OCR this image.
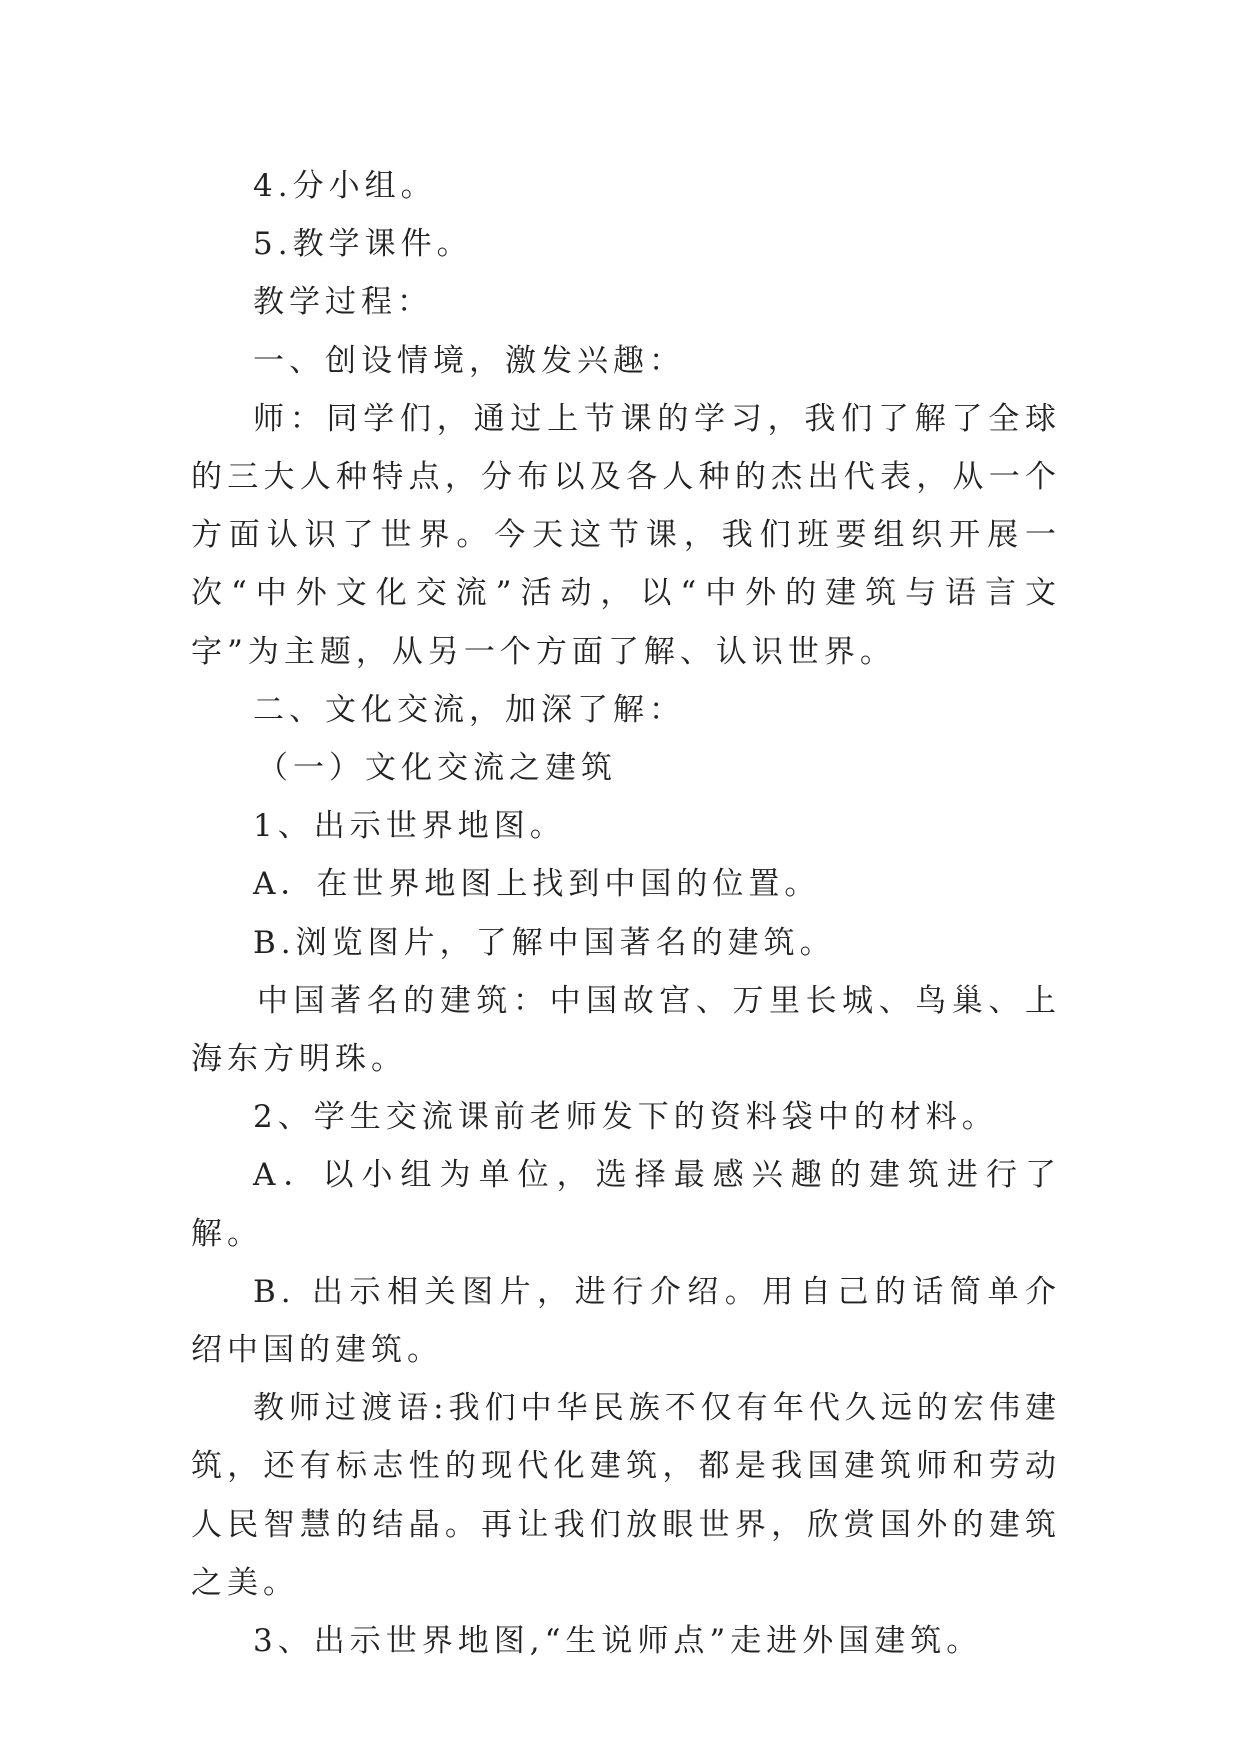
4.分小组。

5.教学课件。

教学过程：

一、创设情境，激发兴趣：

师：同学们，通过上节课的学习，我们了解了全球的三大人种特点，分布以及各人种的杰出代表，从一个方面认识了世界。今天这节课，我们班要组织开展一次“中外文化交流”活动，以“中外的建筑与语言文字”为主题，从另一个方面了解、认识世界。

二、文化交流，加深了解：

（一）文化交流之建筑

1、出示世界地图。

A．在世界地图上找到中国的位置。

B.浏览图片，了解中国著名的建筑。

中国著名的建筑：中国故宫、万里长城、鸟巢、上海东方明珠。

2、学生交流课前老师发下的资料袋中的材料。

A．以小组为单位，选择最感兴趣的建筑进行了解。

B. 出示相关图片，进行介绍。用自己的话简单介绍中国的建筑。

教师过渡语:我们中华民族不仅有年代久远的宏伟建筑，还有标志性的现代化建筑，都是我国建筑师和劳动人民智慧的结晶。再让我们放眼世界，欣赏国外的建筑之美。

3、出示世界地图,“生说师点”走进外国建筑。
